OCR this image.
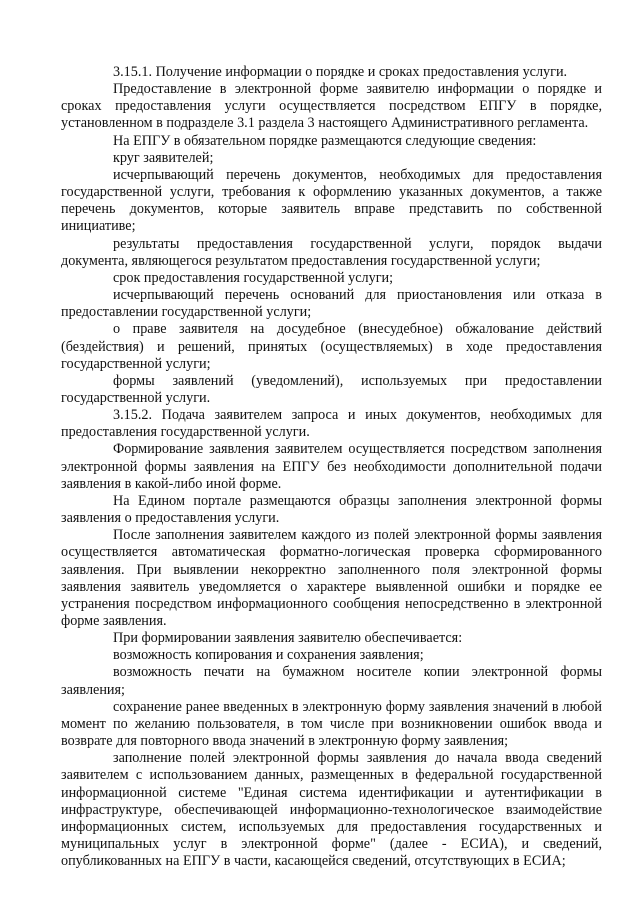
3.15.1. Получение информации о порядке и сроках предоставления услуги.

Предоставление в электронной форме заявителю информации о порядке и сроках предоставления услуги осуществляется посредством ЕПГУ в порядке, установленном в подразделе 3.1 раздела 3 настоящего Административного регламента.

На ЕПГУ в обязательном порядке размещаются следующие сведения:

круг заявителей;

исчерпывающий перечень документов, необходимых для предоставления государственной услуги, требования к оформлению указанных документов, а также перечень документов, которые заявитель вправе представить по собственной инициативе;

результаты предоставления государственной услуги, порядок выдачи документа, являющегося результатом предоставления государственной услуги;

срок предоставления государственной услуги;

исчерпывающий перечень оснований для приостановления или отказа в предоставлении государственной услуги;

о праве заявителя на досудебное (внесудебное) обжалование действий (бездействия) и решений, принятых (осуществляемых) в ходе предоставления государственной услуги;

формы заявлений (уведомлений), используемых при предоставлении государственной услуги.

3.15.2. Подача заявителем запроса и иных документов, необходимых для предоставления государственной услуги.

Формирование заявления заявителем осуществляется посредством заполнения электронной формы заявления на ЕПГУ без необходимости дополнительной подачи заявления в какой-либо иной форме.

На Едином портале размещаются образцы заполнения электронной формы заявления о предоставления услуги.

После заполнения заявителем каждого из полей электронной формы заявления осуществляется автоматическая форматно-логическая проверка сформированного заявления. При выявлении некорректно заполненного поля электронной формы заявления заявитель уведомляется о характере выявленной ошибки и порядке ее устранения посредством информационного сообщения непосредственно в электронной форме заявления.

При формировании заявления заявителю обеспечивается:

возможность копирования и сохранения заявления;

возможность печати на бумажном носителе копии электронной формы заявления;

сохранение ранее введенных в электронную форму заявления значений в любой момент по желанию пользователя, в том числе при возникновении ошибок ввода и возврате для повторного ввода значений в электронную форму заявления;

заполнение полей электронной формы заявления до начала ввода сведений заявителем с использованием данных, размещенных в федеральной государственной информационной системе "Единая система идентификации и аутентификации в инфраструктуре, обеспечивающей информационно-технологическое взаимодействие информационных систем, используемых для предоставления государственных и муниципальных услуг в электронной форме" (далее - ЕСИА), и сведений, опубликованных на ЕПГУ в части, касающейся сведений, отсутствующих в ЕСИА;
